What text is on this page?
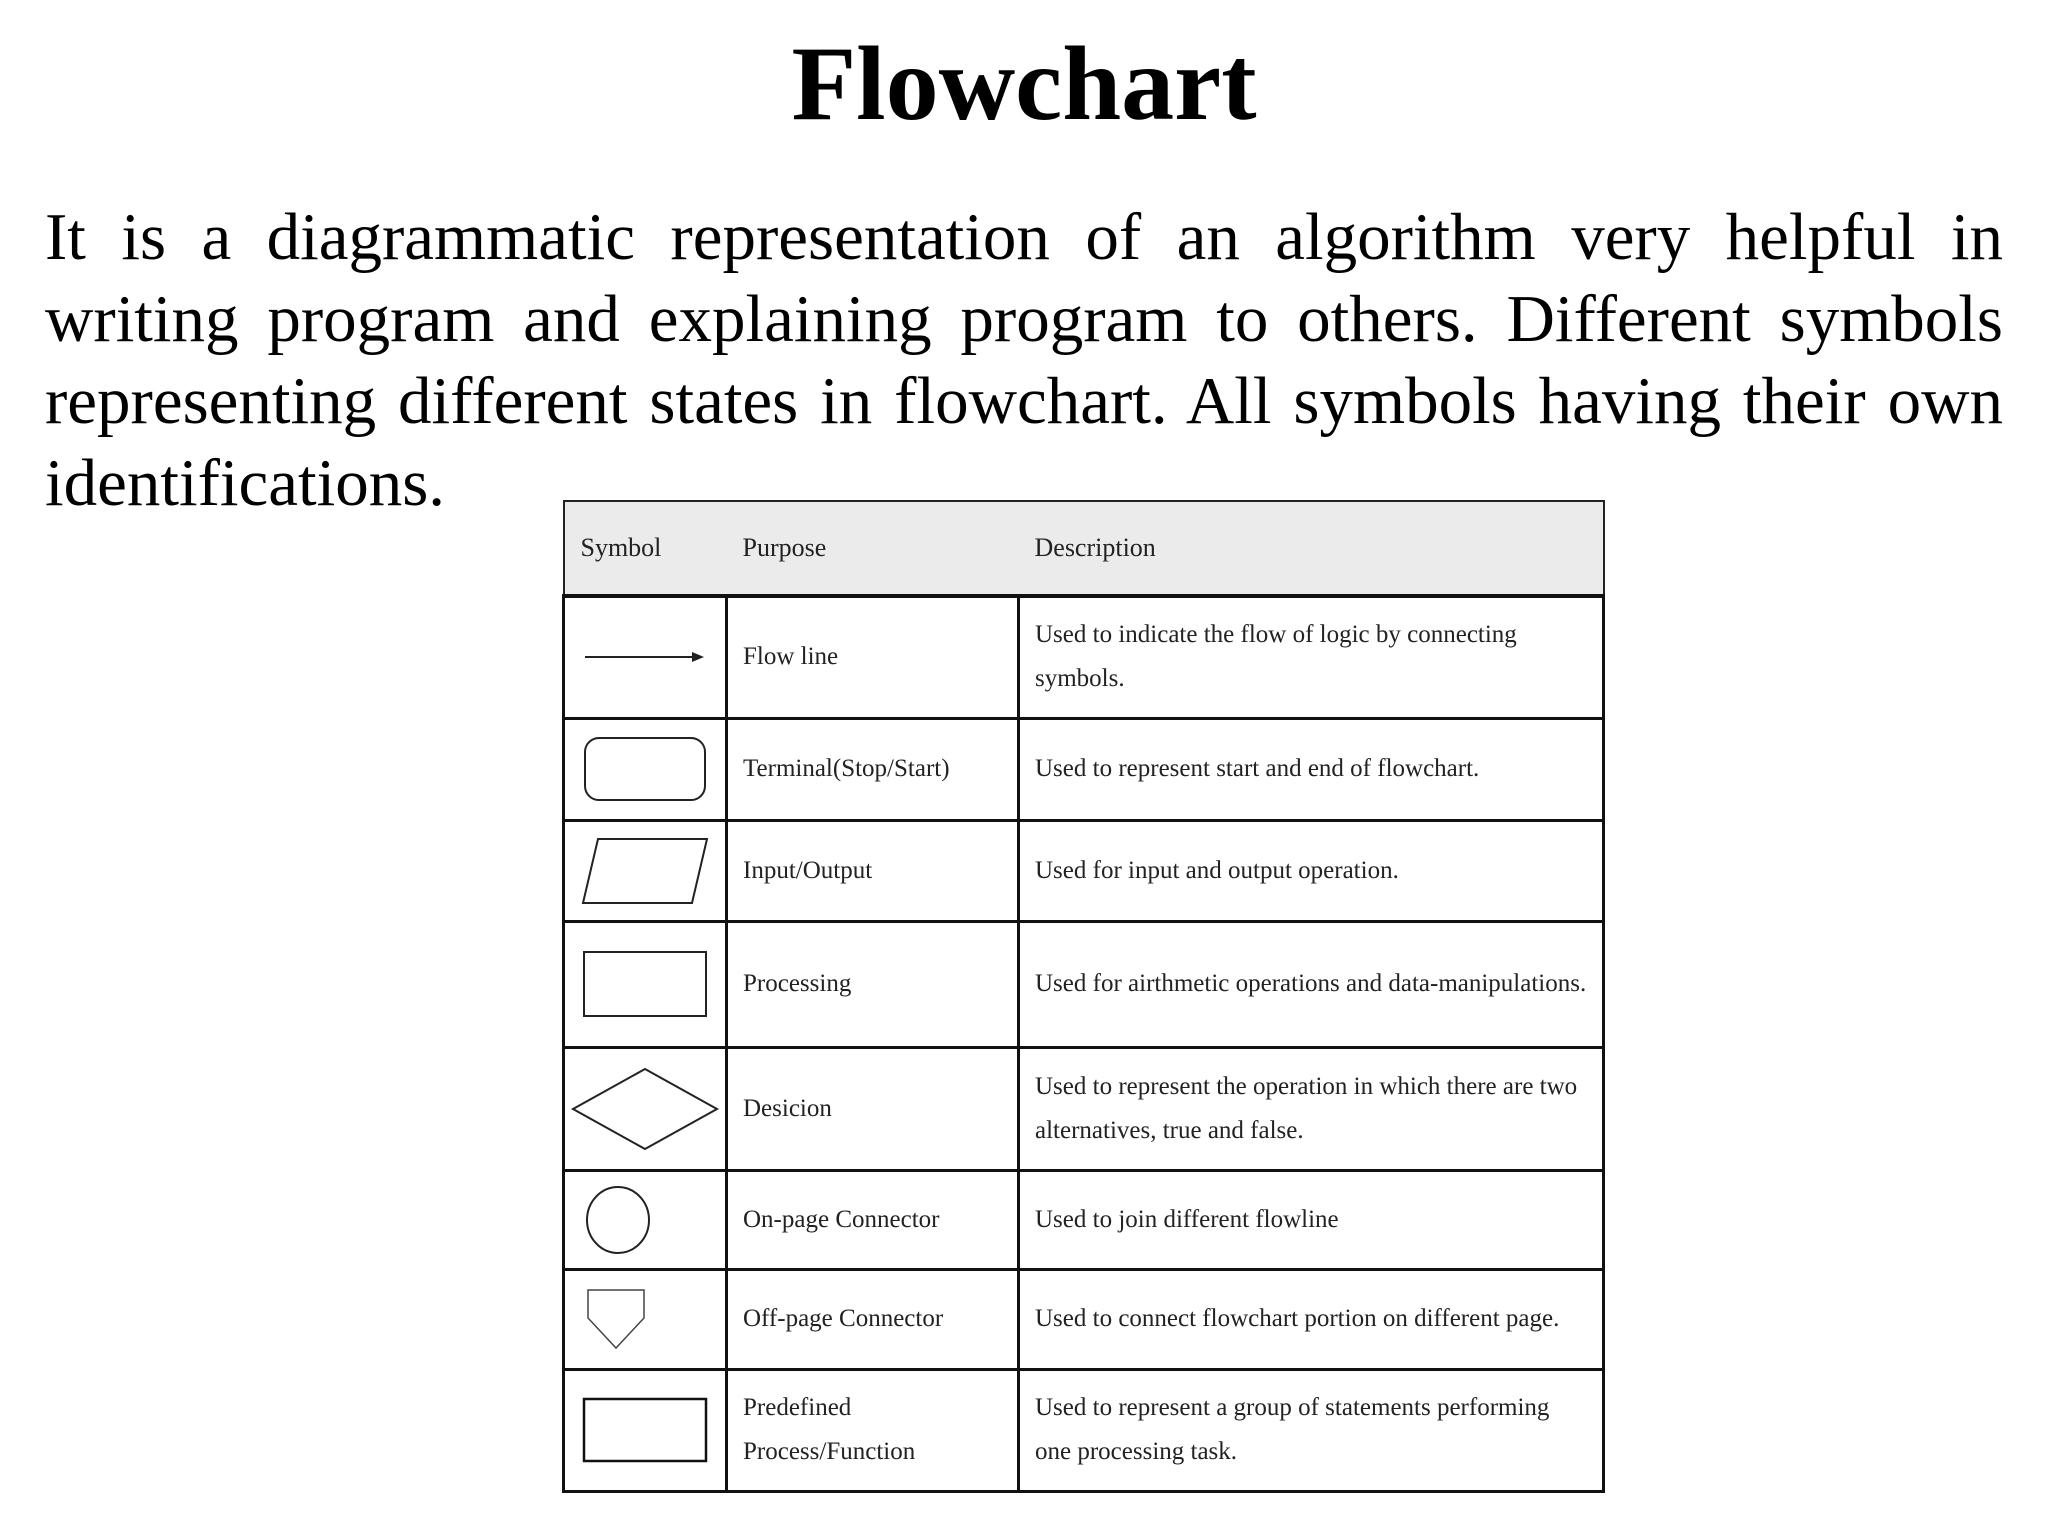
Flowchart

It is a diagrammatic representation of an algorithm very helpful in writing program and explaining program to others. Different symbols representing different states in flowchart. All symbols having their own identifications.

Symbol	Purpose	Description

	Flow line	Used to indicate the flow of logic by connecting symbols.

	Terminal(Stop/Start)	Used to represent start and end of flowchart.

	Input/Output	Used for input and output operation.

	Processing	Used for airthmetic operations and data-manipulations.

	Desicion	Used to represent the operation in which there are two alternatives, true and false.

	On-page Connector	Used to join different flowline

	Off-page Connector	Used to connect flowchart portion on different page.

	Predefined Process/Function	Used to represent a group of statements performing one processing task.
